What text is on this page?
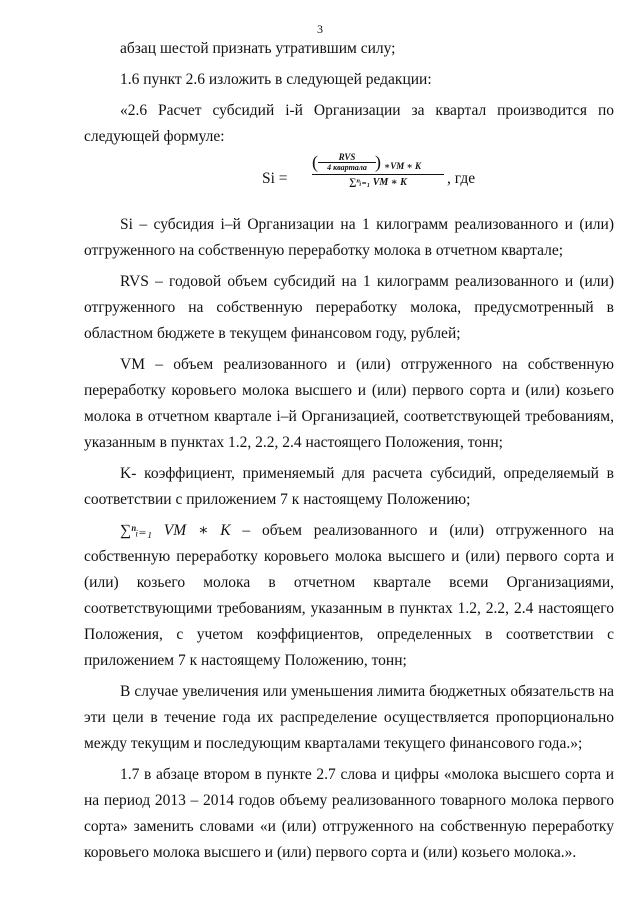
3

абзац шестой признать утратившим силу;

1.6 пункт 2.6 изложить в следующей редакции:

«2.6 Расчет субсидий i-й Организации за квартал производится по следующей формуле:

Si =
(	RVS
4 квартала ) ∗VM ∗ K
∑ⁿᵢ₌₁ VM ∗ K	, где

Si – субсидия i–й Организации на 1 килограмм реализованного и (или) отгруженного на собственную переработку молока в отчетном квартале;

RVS – годовой объем субсидий на 1 килограмм реализованного и (или) отгруженного на собственную переработку молока, предусмотренный в областном бюджете в текущем финансовом году, рублей;

VM – объем реализованного и (или) отгруженного на собственную переработку коровьего молока высшего и (или) первого сорта и (или) козьего молока в отчетном квартале i–й Организацией, соответствующей требованиям, указанным в пунктах 1.2, 2.2, 2.4 настоящего Положения, тонн;

K- коэффициент, применяемый для расчета субсидий, определяемый в соответствии с приложением 7 к настоящему Положению;

∑ⁿᵢ₌₁ VM ∗ K – объем реализованного и (или) отгруженного на собственную переработку коровьего молока высшего и (или) первого сорта и (или) козьего молока в отчетном квартале всеми Организациями, соответствующими требованиям, указанным в пунктах 1.2, 2.2, 2.4 настоящего Положения, с учетом коэффициентов, определенных в соответствии с приложением 7 к настоящему Положению, тонн;

В случае увеличения или уменьшения лимита бюджетных обязательств на эти цели в течение года их распределение осуществляется пропорционально между текущим и последующим кварталами текущего финансового года.»;

1.7 в абзаце втором в пункте 2.7 слова и цифры «молока высшего сорта и на период 2013 – 2014 годов объему реализованного товарного молока первого сорта» заменить словами «и (или) отгруженного на собственную переработку коровьего молока высшего и (или) первого сорта и (или) козьего молока.».
